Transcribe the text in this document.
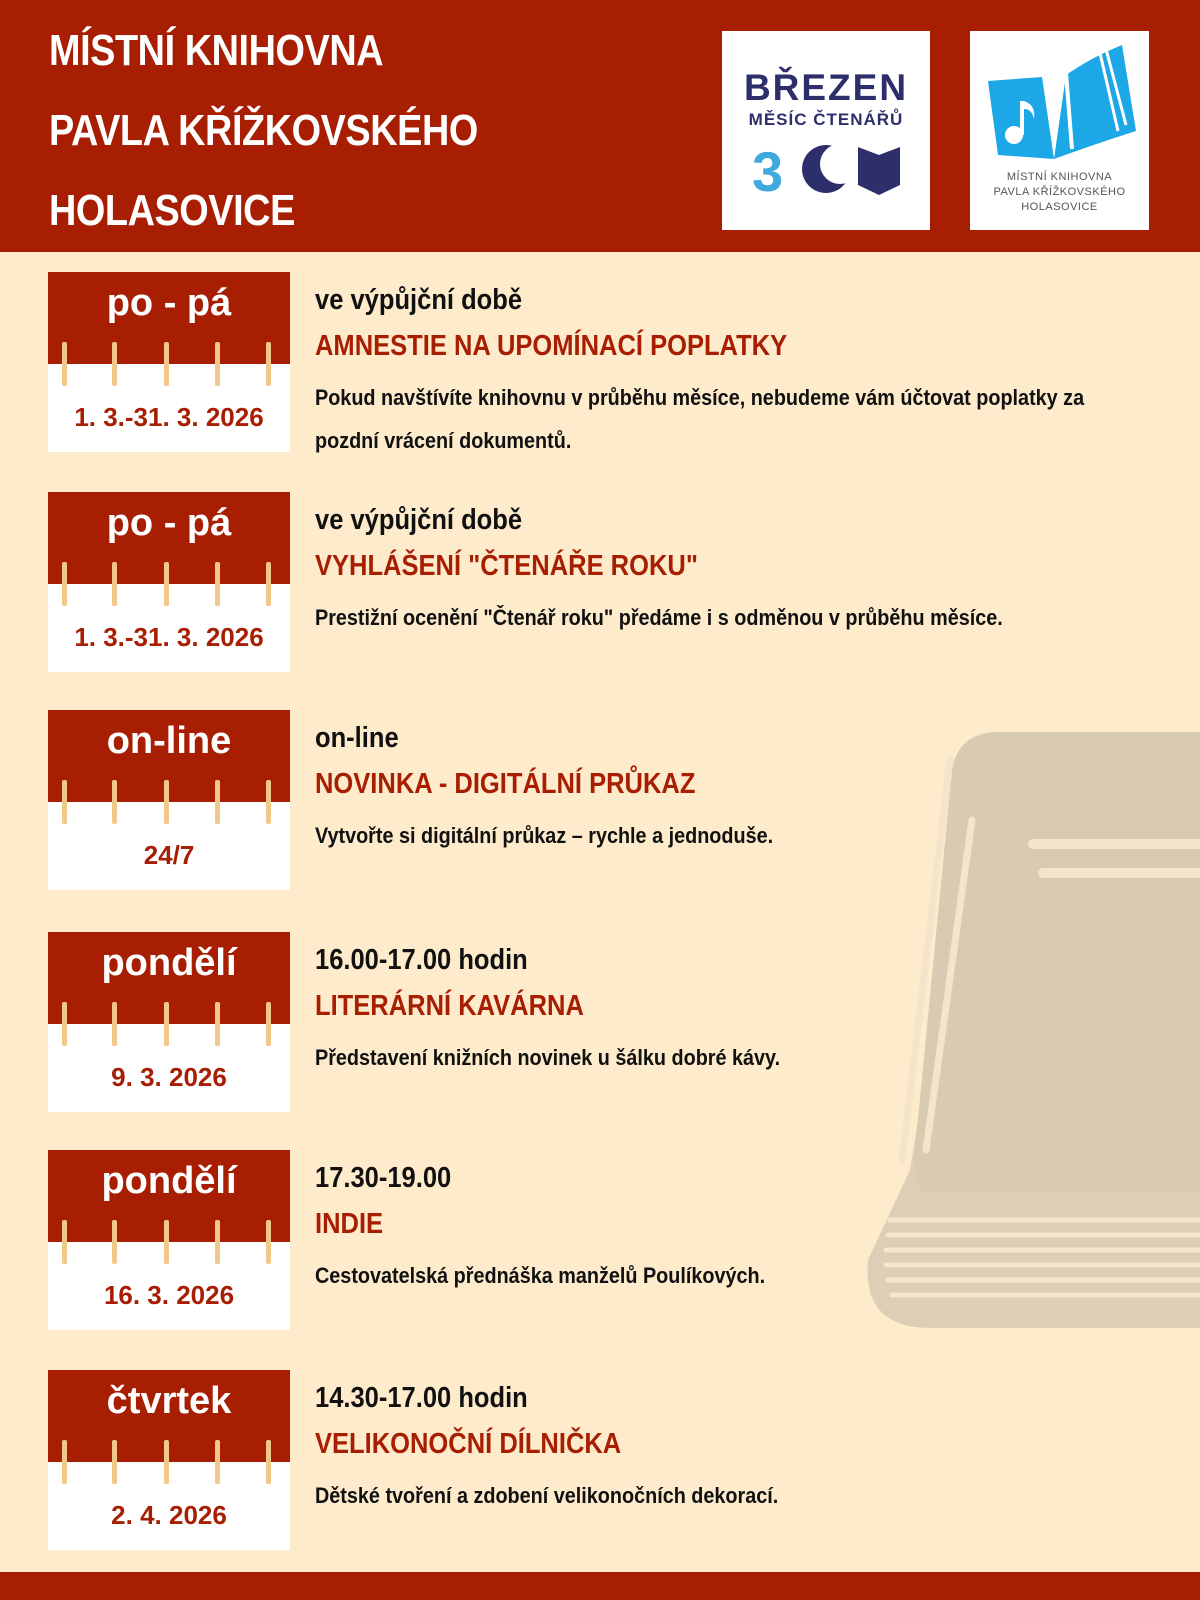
MÍSTNÍ KNIHOVNA
PAVLA KŘÍŽKOVSKÉHO
HOLASOVICE
BŘEZEN
MĚSÍC ČTENÁŘŮ
3	MÍSTNÍ KNIHOVNA
PAVLA KŘÍŽKOVSKÉHO
HOLASOVICE
po - pá
1. 3.-31. 3. 2026
ve výpůjční době
AMNESTIE NA UPOMÍNACÍ POPLATKY
Pokud navštívíte knihovnu v průběhu měsíce, nebudeme vám účtovat poplatky za pozdní vrácení dokumentů.
po - pá
1. 3.-31. 3. 2026
ve výpůjční době
VYHLÁŠENÍ "ČTENÁŘE ROKU"
Prestižní ocenění "Čtenář roku" předáme i s odměnou v průběhu měsíce.
on-line
24/7
on-line
NOVINKA - DIGITÁLNÍ PRŮKAZ
Vytvořte si digitální průkaz – rychle a jednoduše.
pondělí
9. 3. 2026
16.00-17.00 hodin
LITERÁRNÍ KAVÁRNA
Představení knižních novinek u šálku dobré kávy.
pondělí
16. 3. 2026
17.30-19.00
INDIE
Cestovatelská přednáška manželů Poulíkových.
čtvrtek
2. 4. 2026
14.30-17.00 hodin
VELIKONOČNÍ DÍLNIČKA
Dětské tvoření a zdobení velikonočních dekorací.
